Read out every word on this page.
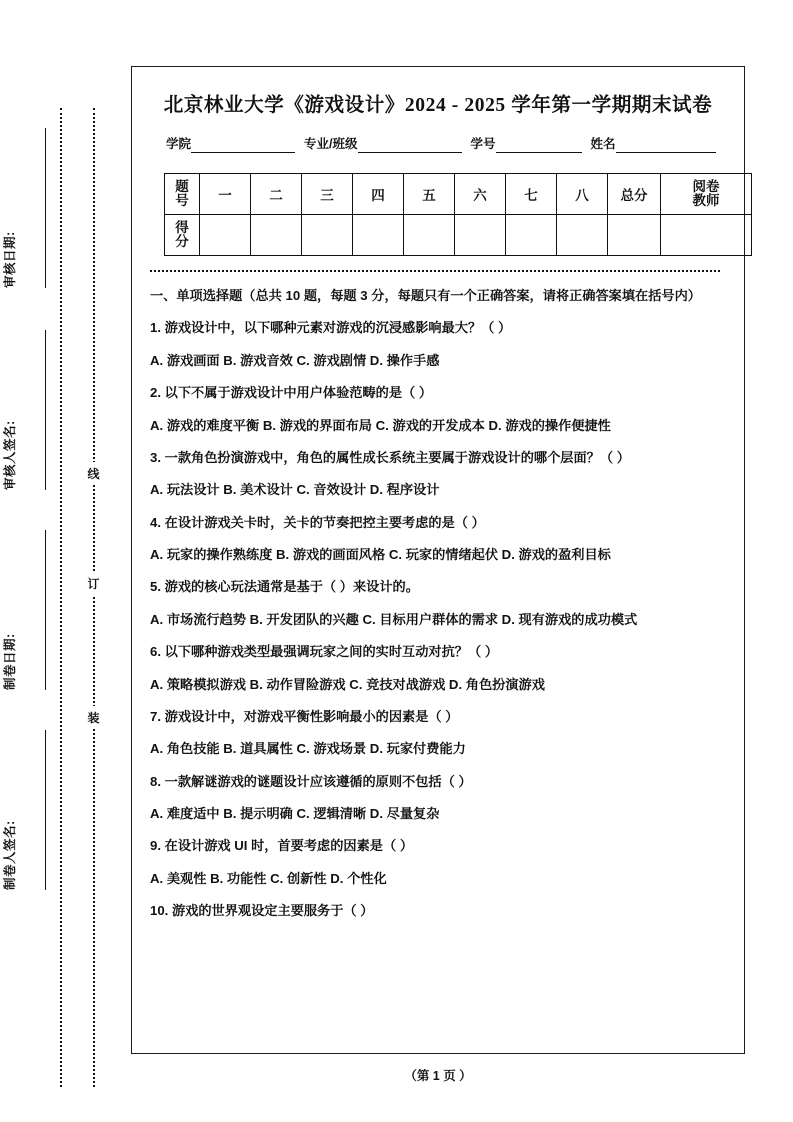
审核日期:
审核人签名:
制卷日期:
制卷人签名:
线
订
装
北京林业大学《游戏设计》2024 - 2025 学年第一学期期末试卷
学院	专业/班级	学号	姓名
题
号	一	二	三	四	五	六	七	八	总分	阅卷
教师

得
分										

一、单项选择题（总共 10 题，每题 3 分，每题只有一个正确答案，请将正确答案填在括号内）
1. 游戏设计中，以下哪种元素对游戏的沉浸感影响最大？（ ）
A. 游戏画面 B. 游戏音效 C. 游戏剧情 D. 操作手感
2. 以下不属于游戏设计中用户体验范畴的是（ ）
A. 游戏的难度平衡 B. 游戏的界面布局 C. 游戏的开发成本 D. 游戏的操作便捷性
3. 一款角色扮演游戏中，角色的属性成长系统主要属于游戏设计的哪个层面？（ ）
A. 玩法设计 B. 美术设计 C. 音效设计 D. 程序设计
4. 在设计游戏关卡时，关卡的节奏把控主要考虑的是（ ）
A. 玩家的操作熟练度 B. 游戏的画面风格 C. 玩家的情绪起伏 D. 游戏的盈利目标
5. 游戏的核心玩法通常是基于（ ）来设计的。
A. 市场流行趋势 B. 开发团队的兴趣 C. 目标用户群体的需求 D. 现有游戏的成功模式
6. 以下哪种游戏类型最强调玩家之间的实时互动对抗？（ ）
A. 策略模拟游戏 B. 动作冒险游戏 C. 竞技对战游戏 D. 角色扮演游戏
7. 游戏设计中，对游戏平衡性影响最小的因素是（ ）
A. 角色技能 B. 道具属性 C. 游戏场景 D. 玩家付费能力
8. 一款解谜游戏的谜题设计应该遵循的原则不包括（ ）
A. 难度适中 B. 提示明确 C. 逻辑清晰 D. 尽量复杂
9. 在设计游戏 UI 时，首要考虑的因素是（ ）
A. 美观性 B. 功能性 C. 创新性 D. 个性化
10. 游戏的世界观设定主要服务于（ ）
（第 1 页 ）
